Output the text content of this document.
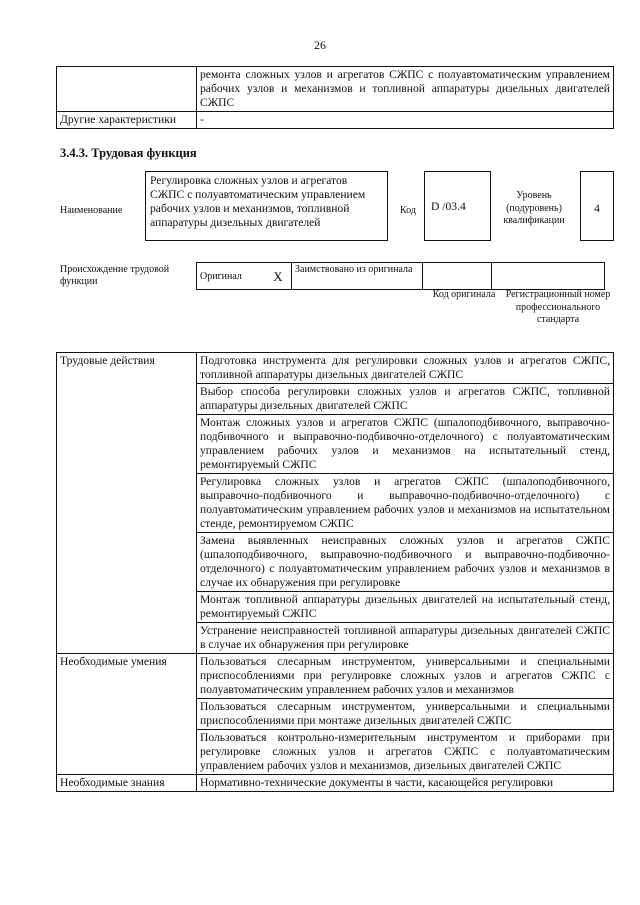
26
	ремонта сложных узлов и агрегатов СЖПС с полуавтоматическим управлением рабочих узлов и механизмов и топливной аппаратуры дизельных двигателей СЖПС
Другие характеристики	-
3.4.3. Трудовая функция
Наименование
Регулировка сложных узлов и агрегатов СЖПС с полуавтоматическим управлением рабочих узлов и механизмов, топливной аппаратуры дизельных двигателей
Код	D /03.4
Уровень (подуровень) квалификации
4
Происхождение трудовой функции	Оригинал	X	Заимствовано из оригинала		
Код оригинала	Регистрационный номер профессионального стандарта
Трудовые действия	Подготовка инструмента для регулировки сложных узлов и агрегатов СЖПС, топливной аппаратуры дизельных двигателей СЖПС
	Выбор способа регулировки сложных узлов и агрегатов СЖПС, топливной аппаратуры дизельных двигателей СЖПС
	Монтаж сложных узлов и агрегатов СЖПС (шпалоподбивочного, выправочно-подбивочного и выправочно-подбивочно-отделочного) с полуавтоматическим управлением рабочих узлов и механизмов на испытательный стенд, ремонтируемый СЖПС
	Регулировка сложных узлов и агрегатов СЖПС (шпалоподбивочного, выправочно-подбивочного и выправочно-подбивочно-отделочного) с полуавтоматическим управлением рабочих узлов и механизмов на испытательном стенде, ремонтируемом СЖПС
	Замена выявленных неисправных сложных узлов и агрегатов СЖПС (шпалоподбивочного, выправочно-подбивочного и выправочно-подбивочно-отделочного) с полуавтоматическим управлением рабочих узлов и механизмов в случае их обнаружения при регулировке
	Монтаж топливной аппаратуры дизельных двигателей на испытательный стенд, ремонтируемый СЖПС
	Устранение неисправностей топливной аппаратуры дизельных двигателей СЖПС в случае их обнаружения при регулировке
Необходимые умения	Пользоваться слесарным инструментом, универсальными и специальными приспособлениями при регулировке сложных узлов и агрегатов СЖПС с полуавтоматическим управлением рабочих узлов и механизмов
	Пользоваться слесарным инструментом, универсальными и специальными приспособлениями при монтаже дизельных двигателей СЖПС
	Пользоваться контрольно-измерительным инструментом и приборами при регулировке сложных узлов и агрегатов СЖПС с полуавтоматическим управлением рабочих узлов и механизмов, дизельных двигателей СЖПС
Необходимые знания	Нормативно-технические документы в части, касающейся регулировки
